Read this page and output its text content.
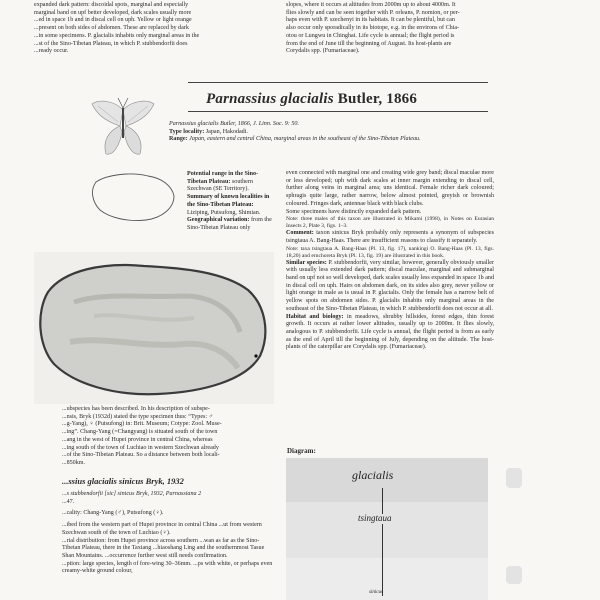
expanded dark pattern: discoidal spots, marginal and especially

marginal band on upf better developed, dark scales usually more

...ed in space 1b and in discal cell on uph. Yellow or light orange

...present on both sides of abdomen. These are replaced by dark

...in some specimens. P. glacialis inhabits only marginal areas in the

...st of the Sino-Tibetan Plateau, in which P. stubbendorfii does

...ready occur.

slopes, where it occurs at altitudes from 2000m up to about 4000m. It

flies slowly and can be seen together with P. orleans, P. nomion, or per-

haps even with P. szechenyi in its habitats. It can be plentiful, but can

also occur only sporadically in its biotope, e.g. in the environs of Chia-

otou or Lungwu in Chinghai. Life cycle is annual; the flight period is

from the end of June till the beginning of August. Its host-plants are

Corydalis spp. (Fumariaceae).

Parnassius glacialis Butler, 1866

Parnassius glacialis Butler, 1866, J. Linn. Soc. 9: 50.

Type locality: Japan, Hakodadi.

Range: Japan, eastern and central China, marginal areas in the southeast of the Sino-Tibetan Plateau.

Potential range in the Sino-Tibetan Plateau: southern Szechwan (SE Territory).

Summary of known localities in the Sino-Tibetan Plateau: Liziping, Putsufong, Shimian.

Geographical variation: from the Sino-Tibetan Plateau only

even connected with marginal one and creating wide grey band; discal maculae more or less developed; uph with dark scales at inner margin extending to discal cell, further along veins in marginal area; uns identical. Female richer dark coloured; sphragis quite large, rather narrow, below almost pointed, greyish or brownish coloured. Fringes dark, antennae black with black clubs.

Some specimens have distinctly expanded dark pattern.

Note: three males of this taxon are illustrated in Mikami (1998), in Notes on Eurasian Insects 2, Plate 3, figs. 1–3.

Comment: taxon sinicus Bryk probably only represents a synonym of subspecies tsingtaua A. Bang-Haas. There are insufficient reasons to classify it separately.

Note: taxa tsingtaua A. Bang-Haas (Pl. 13, fig. 17), nankingi O. Bang-Haas (Pl. 13, figs. 18,20) and ernchoreta Bryk (Pl. 13, fig. 19) are illustrated in this book.

Similar species: P. stubbendorfii, very similar, however, generally obviously smaller with usually less extended dark pattern; discal maculae, marginal and submarginal band on upf not so well developed, dark scales usually less expanded in space 1b and in discal cell on uph. Hairs on abdomen dark, on its sides also grey, never yellow or light orange in male as is usual in P. glacialis. Only the female has a narrow belt of yellow spots on abdomen sides. P. glacialis inhabits only marginal areas in the southeast of the Sino-Tibetan Plateau, in which P. stubbendorfii does not occur at all.

Habitat and biology: in meadows, shrubby hillsides, forest edges, thin forest growth. It occurs at rather lower altitudes, usually up to 2000m. It flies slowly, analogous to P. stubbendorfii. Life cycle is annual, the flight period is from as early as the end of April till the beginning of July, depending on the altitude. The host-plants of the caterpillar are Corydalis spp. (Fumariaceae).

...ubspecies has been described. In his description of subspe-

...nsis, Bryk (1932d) stated the type specimen thus: “Types: ♂

...g-Yang), ♀ (Putsufong) in: Brit. Museum; Cotype: Zool. Muse-

...ing”. Chang-Yang (=Changyang) is situated south of the town

...ang in the west of Hupei province in central China, whereas

...ing south of the town of Luchiao in western Szechwan already

...of the Sino-Tibetan Plateau. So a distance between both locali-

...850km.

...ssius glacialis sinicus Bryk, 1932

...s stubbendorfii [sic] sinicus Bryk, 1932, Parnassiana 2

...47.

...cality: Chang-Yang (♂), Putsufong (♀).

...ibed from the western part of Hupei province in central China ...ut from western Szechwan south of the town of Luchiao (♀).

...rial distribution: from Hupei province across southern ...wan as far as the Sino-Tibetan Plateau, there in the Taxiang ...hiaoshang Ling and the southernmost Tasue Shan Mountains. ...occurrence further west still needs confirmation.

...ption: large species, length of fore-wing 30–36mm. ...ps with white, or perhaps even creamy-white ground colour,

Diagram:
glacialis
tsingtaua
sinicus
